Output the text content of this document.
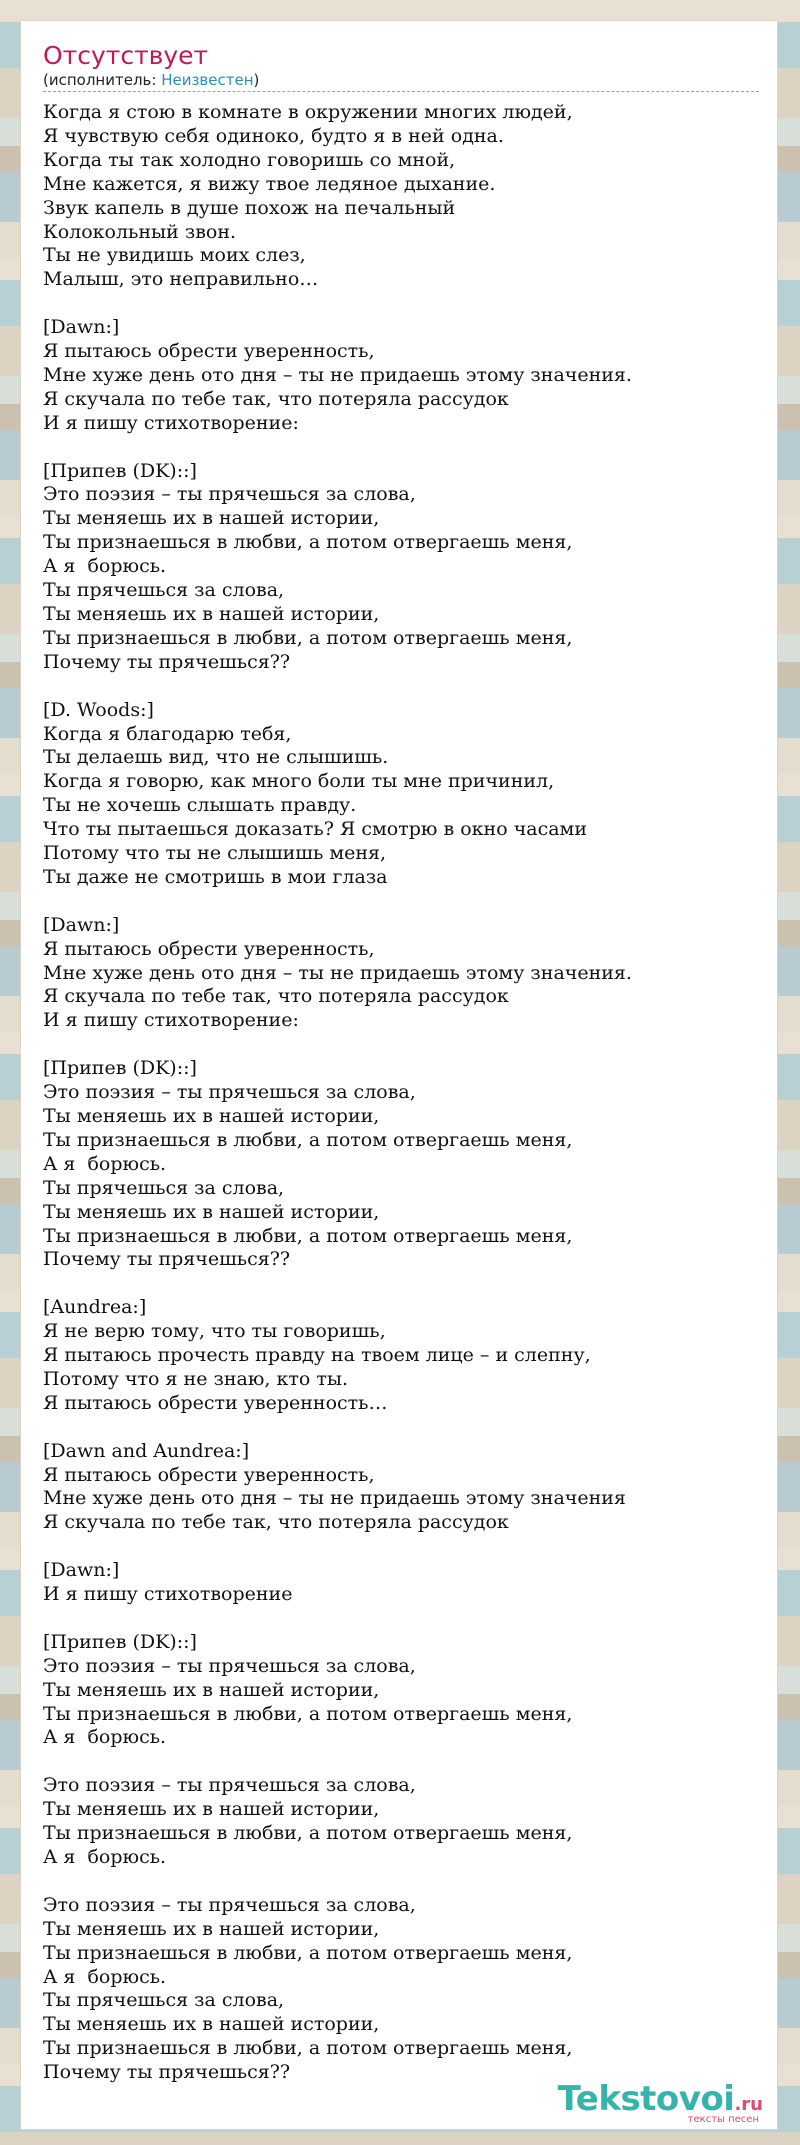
Отсутствует
(исполнитель: Неизвестен)
Когда я стою в комнате в окружении многих людей,
Я чувствую себя одиноко, будто я в ней одна.
Когда ты так холодно говоришь со мной,
Мне кажется, я вижу твое ледяное дыхание.
Звук капель в душе похож на печальный
Колокольный звон.
Ты не увидишь моих слез,
Малыш, это неправильно…
[Dawn:]
Я пытаюсь обрести уверенность,
Мне хуже день ото дня – ты не придаешь этому значения.
Я скучала по тебе так, что потеряла рассудок
И я пишу стихотворение:
[Припев (DK)::]
Это поэзия – ты прячешься за слова,
Ты меняешь их в нашей истории,
Ты признаешься в любви, а потом отвергаешь меня,
А я  борюсь.
Ты прячешься за слова,
Ты меняешь их в нашей истории,
Ты признаешься в любви, а потом отвергаешь меня,
Почему ты прячешься??
[D. Woods:]
Когда я благодарю тебя,
Ты делаешь вид, что не слышишь.
Когда я говорю, как много боли ты мне причинил,
Ты не хочешь слышать правду.
Что ты пытаешься доказать? Я смотрю в окно часами
Потому что ты не слышишь меня,
Ты даже не смотришь в мои глаза
[Dawn:]
Я пытаюсь обрести уверенность,
Мне хуже день ото дня – ты не придаешь этому значения.
Я скучала по тебе так, что потеряла рассудок
И я пишу стихотворение:
[Припев (DK)::]
Это поэзия – ты прячешься за слова,
Ты меняешь их в нашей истории,
Ты признаешься в любви, а потом отвергаешь меня,
А я  борюсь.
Ты прячешься за слова,
Ты меняешь их в нашей истории,
Ты признаешься в любви, а потом отвергаешь меня,
Почему ты прячешься??
[Aundrea:]
Я не верю тому, что ты говоришь,
Я пытаюсь прочесть правду на твоем лице – и слепну,
Потому что я не знаю, кто ты.
Я пытаюсь обрести уверенность…
[Dawn and Aundrea:]
Я пытаюсь обрести уверенность,
Мне хуже день ото дня – ты не придаешь этому значения
Я скучала по тебе так, что потеряла рассудок
[Dawn:]
И я пишу стихотворение
[Припев (DK)::]
Это поэзия – ты прячешься за слова,
Ты меняешь их в нашей истории,
Ты признаешься в любви, а потом отвергаешь меня,
А я  борюсь.
Это поэзия – ты прячешься за слова,
Ты меняешь их в нашей истории,
Ты признаешься в любви, а потом отвергаешь меня,
А я  борюсь.
Это поэзия – ты прячешься за слова,
Ты меняешь их в нашей истории,
Ты признаешься в любви, а потом отвергаешь меня,
А я  борюсь.
Ты прячешься за слова,
Ты меняешь их в нашей истории,
Ты признаешься в любви, а потом отвергаешь меня,
Почему ты прячешься??
Tekstovoi.ru
тексты песен
